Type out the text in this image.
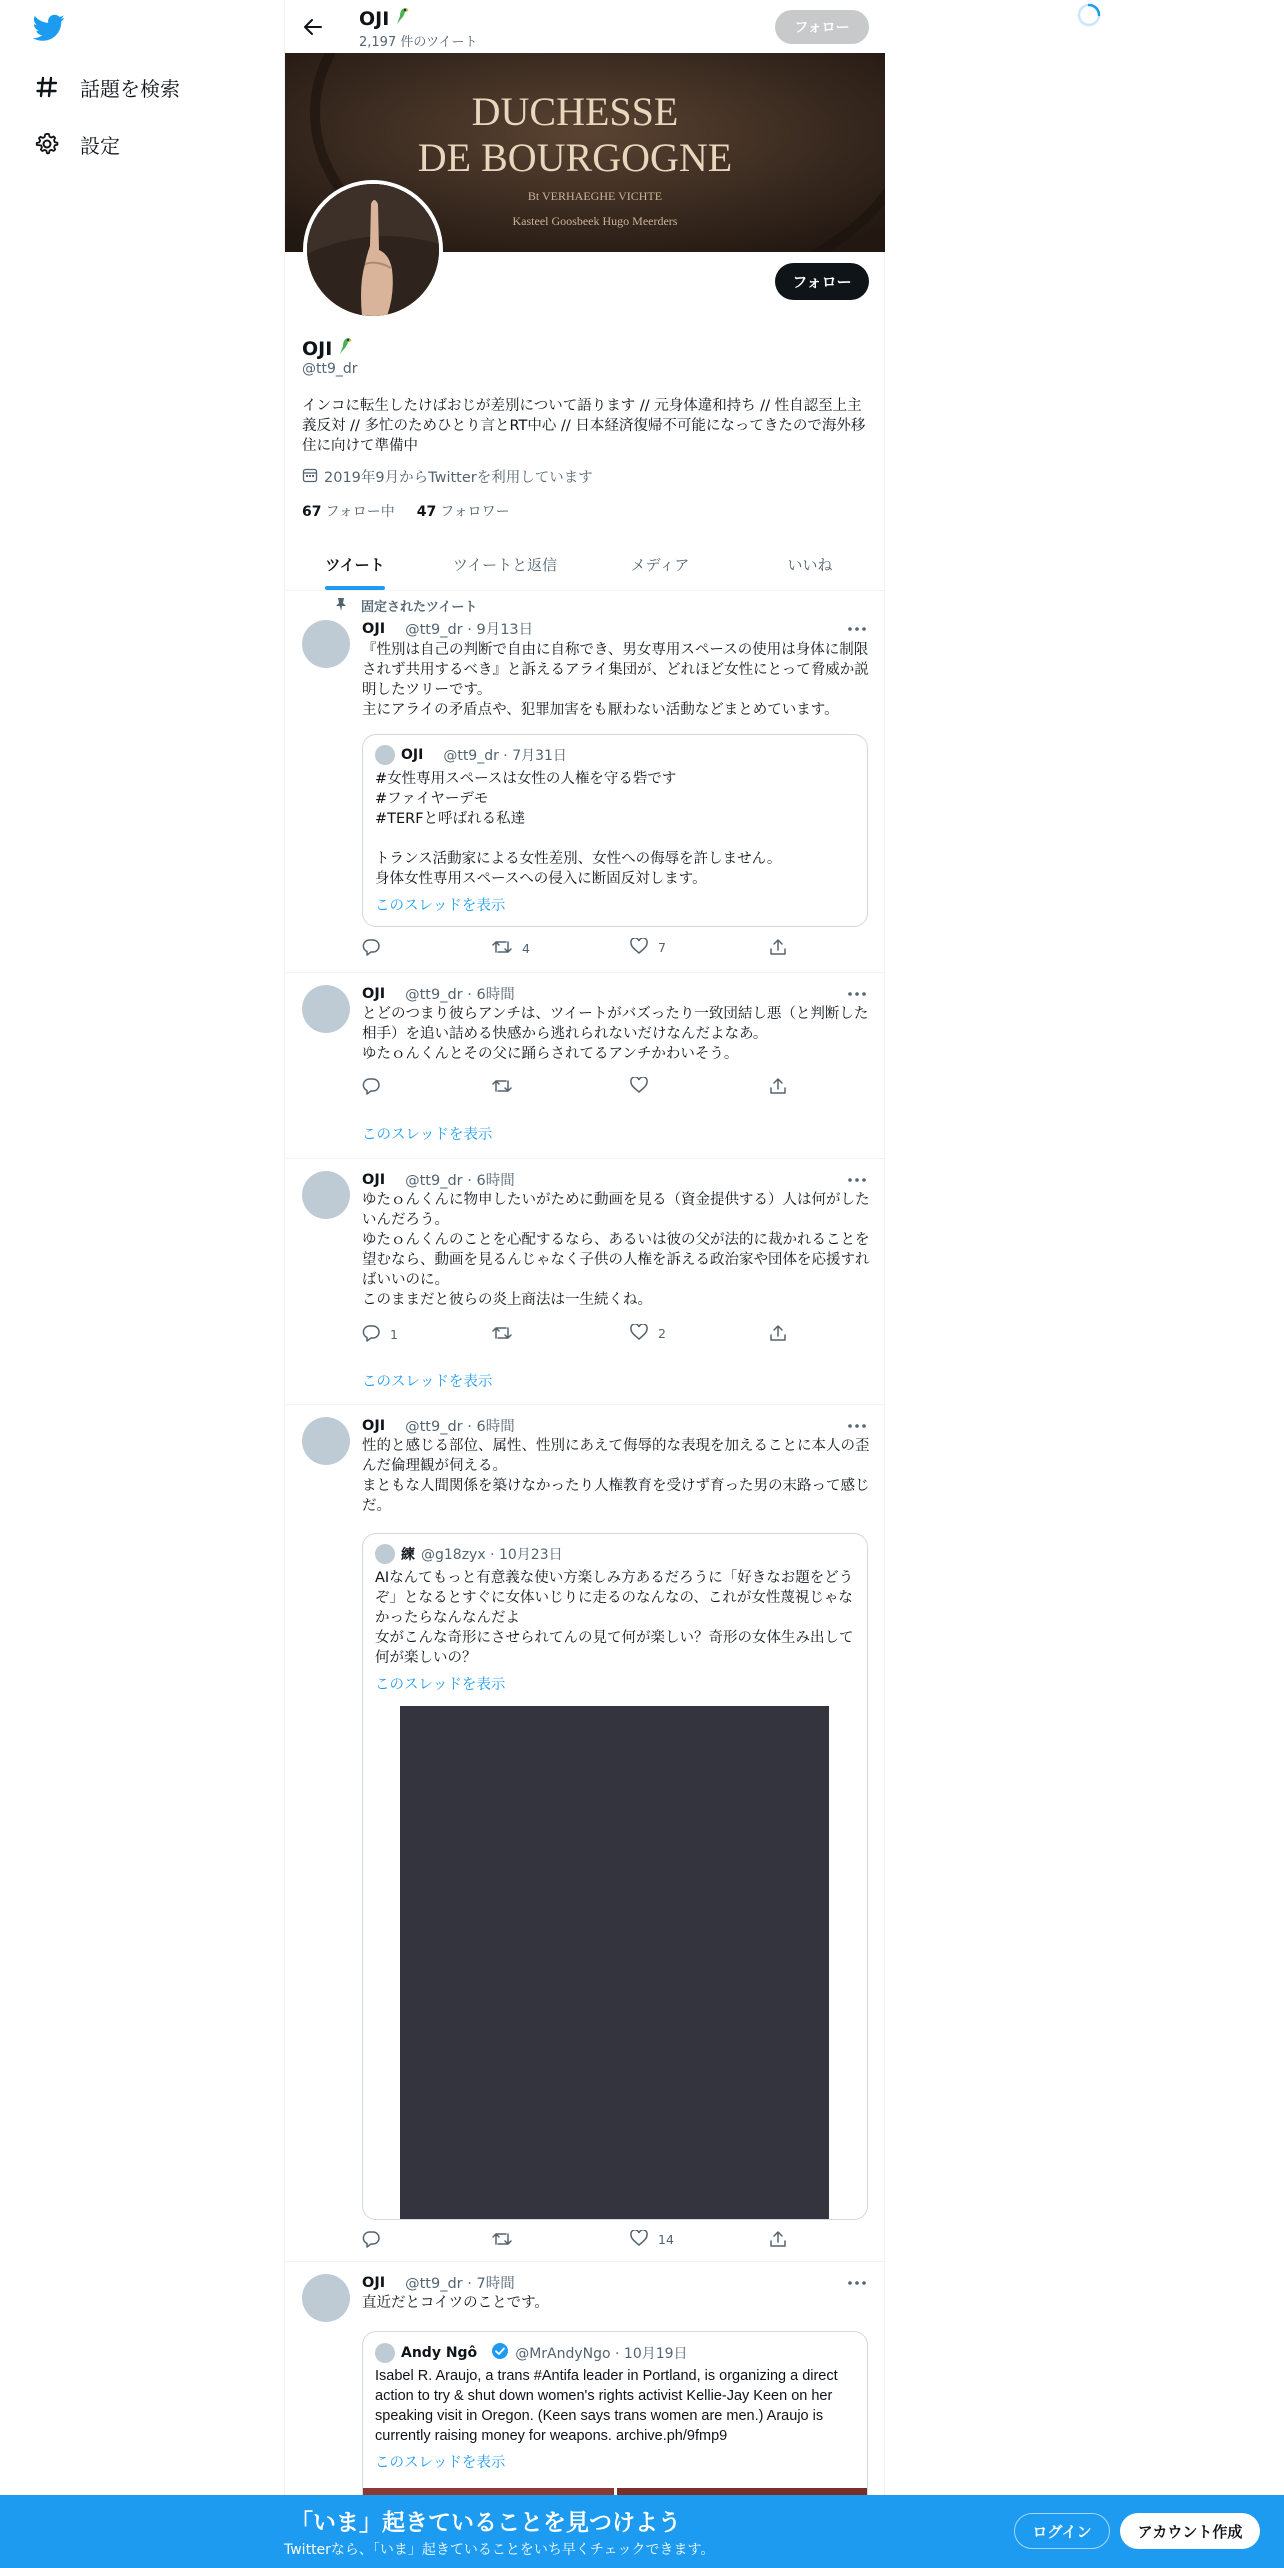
話題を検索
設定
OJI
2,197 件のツイート
フォロー
DUCHESSE
DE BOURGOGNE
Bt VERHAEGHE VICHTE
Kasteel Goosbeek Hugo Meerders
フォロー
OJI
@tt9_dr
インコに転生したけばおじが差別について語ります // 元身体違和持ち // 性自認至上主義反対 // 多忙のためひとり言とRT中心 // 日本経済復帰不可能になってきたので海外移住に向けて準備中
2019年9月からTwitterを利用しています
67 フォロー中 47 フォロワー
ツイート	ツイートと返信	メディア	いいね
固定されたツイート
OJI @tt9_dr · 9月13日
『性別は自己の判断で自由に自称でき、男女専用スペースの使用は身体に制限されず共用するべき』と訴えるアライ集団が、どれほど女性にとって脅威か説明したツリーです。
主にアライの矛盾点や、犯罪加害をも厭わない活動などまとめています。
OJI @tt9_dr · 7月31日
#女性専用スペースは女性の人権を守る砦です
#ファイヤーデモ
#TERFと呼ばれる私達

トランス活動家による女性差別、女性への侮辱を許しません。
身体女性専用スペースへの侵入に断固反対します。
このスレッドを表示
4	7
OJI @tt9_dr · 6時間
とどのつまり彼らアンチは、ツイートがバズったり一致団結し悪（と判断した相手）を追い詰める快感から逃れられないだけなんだよなあ。
ゆたｏんくんとその父に踊らされてるアンチかわいそう。
このスレッドを表示
OJI @tt9_dr · 6時間
ゆたｏんくんに物申したいがために動画を見る（資金提供する）人は何がしたいんだろう。
ゆたｏんくんのことを心配するなら、あるいは彼の父が法的に裁かれることを望むなら、動画を見るんじゃなく子供の人権を訴える政治家や団体を応援すればいいのに。
このままだと彼らの炎上商法は一生続くね。
1	2
このスレッドを表示
OJI @tt9_dr · 6時間
性的と感じる部位、属性、性別にあえて侮辱的な表現を加えることに本人の歪んだ倫理観が伺える。
まともな人間関係を築けなかったり人権教育を受けず育った男の末路って感じだ。
練 @g18zyx · 10月23日
AIなんてもっと有意義な使い方楽しみ方あるだろうに「好きなお題をどうぞ」となるとすぐに女体いじりに走るのなんなの、これが女性蔑視じゃなかったらなんなんだよ
女がこんな奇形にさせられてんの見て何が楽しい？奇形の女体生み出して何が楽しいの？
このスレッドを表示
14
OJI @tt9_dr · 7時間
直近だとコイツのことです。
Andy Ngô	@MrAndyNgo · 10月19日
Isabel R. Araujo, a trans #Antifa leader in Portland, is organizing a direct action to try & shut down women's rights activist Kellie-Jay Keen on her speaking visit in Oregon. (Keen says trans women are men.) Araujo is currently raising money for weapons. archive.ph/9fmp9
このスレッドを表示
「いま」起きていることを見つけよう
Twitterなら、「いま」起きていることをいち早くチェックできます。
ログイン	アカウント作成
